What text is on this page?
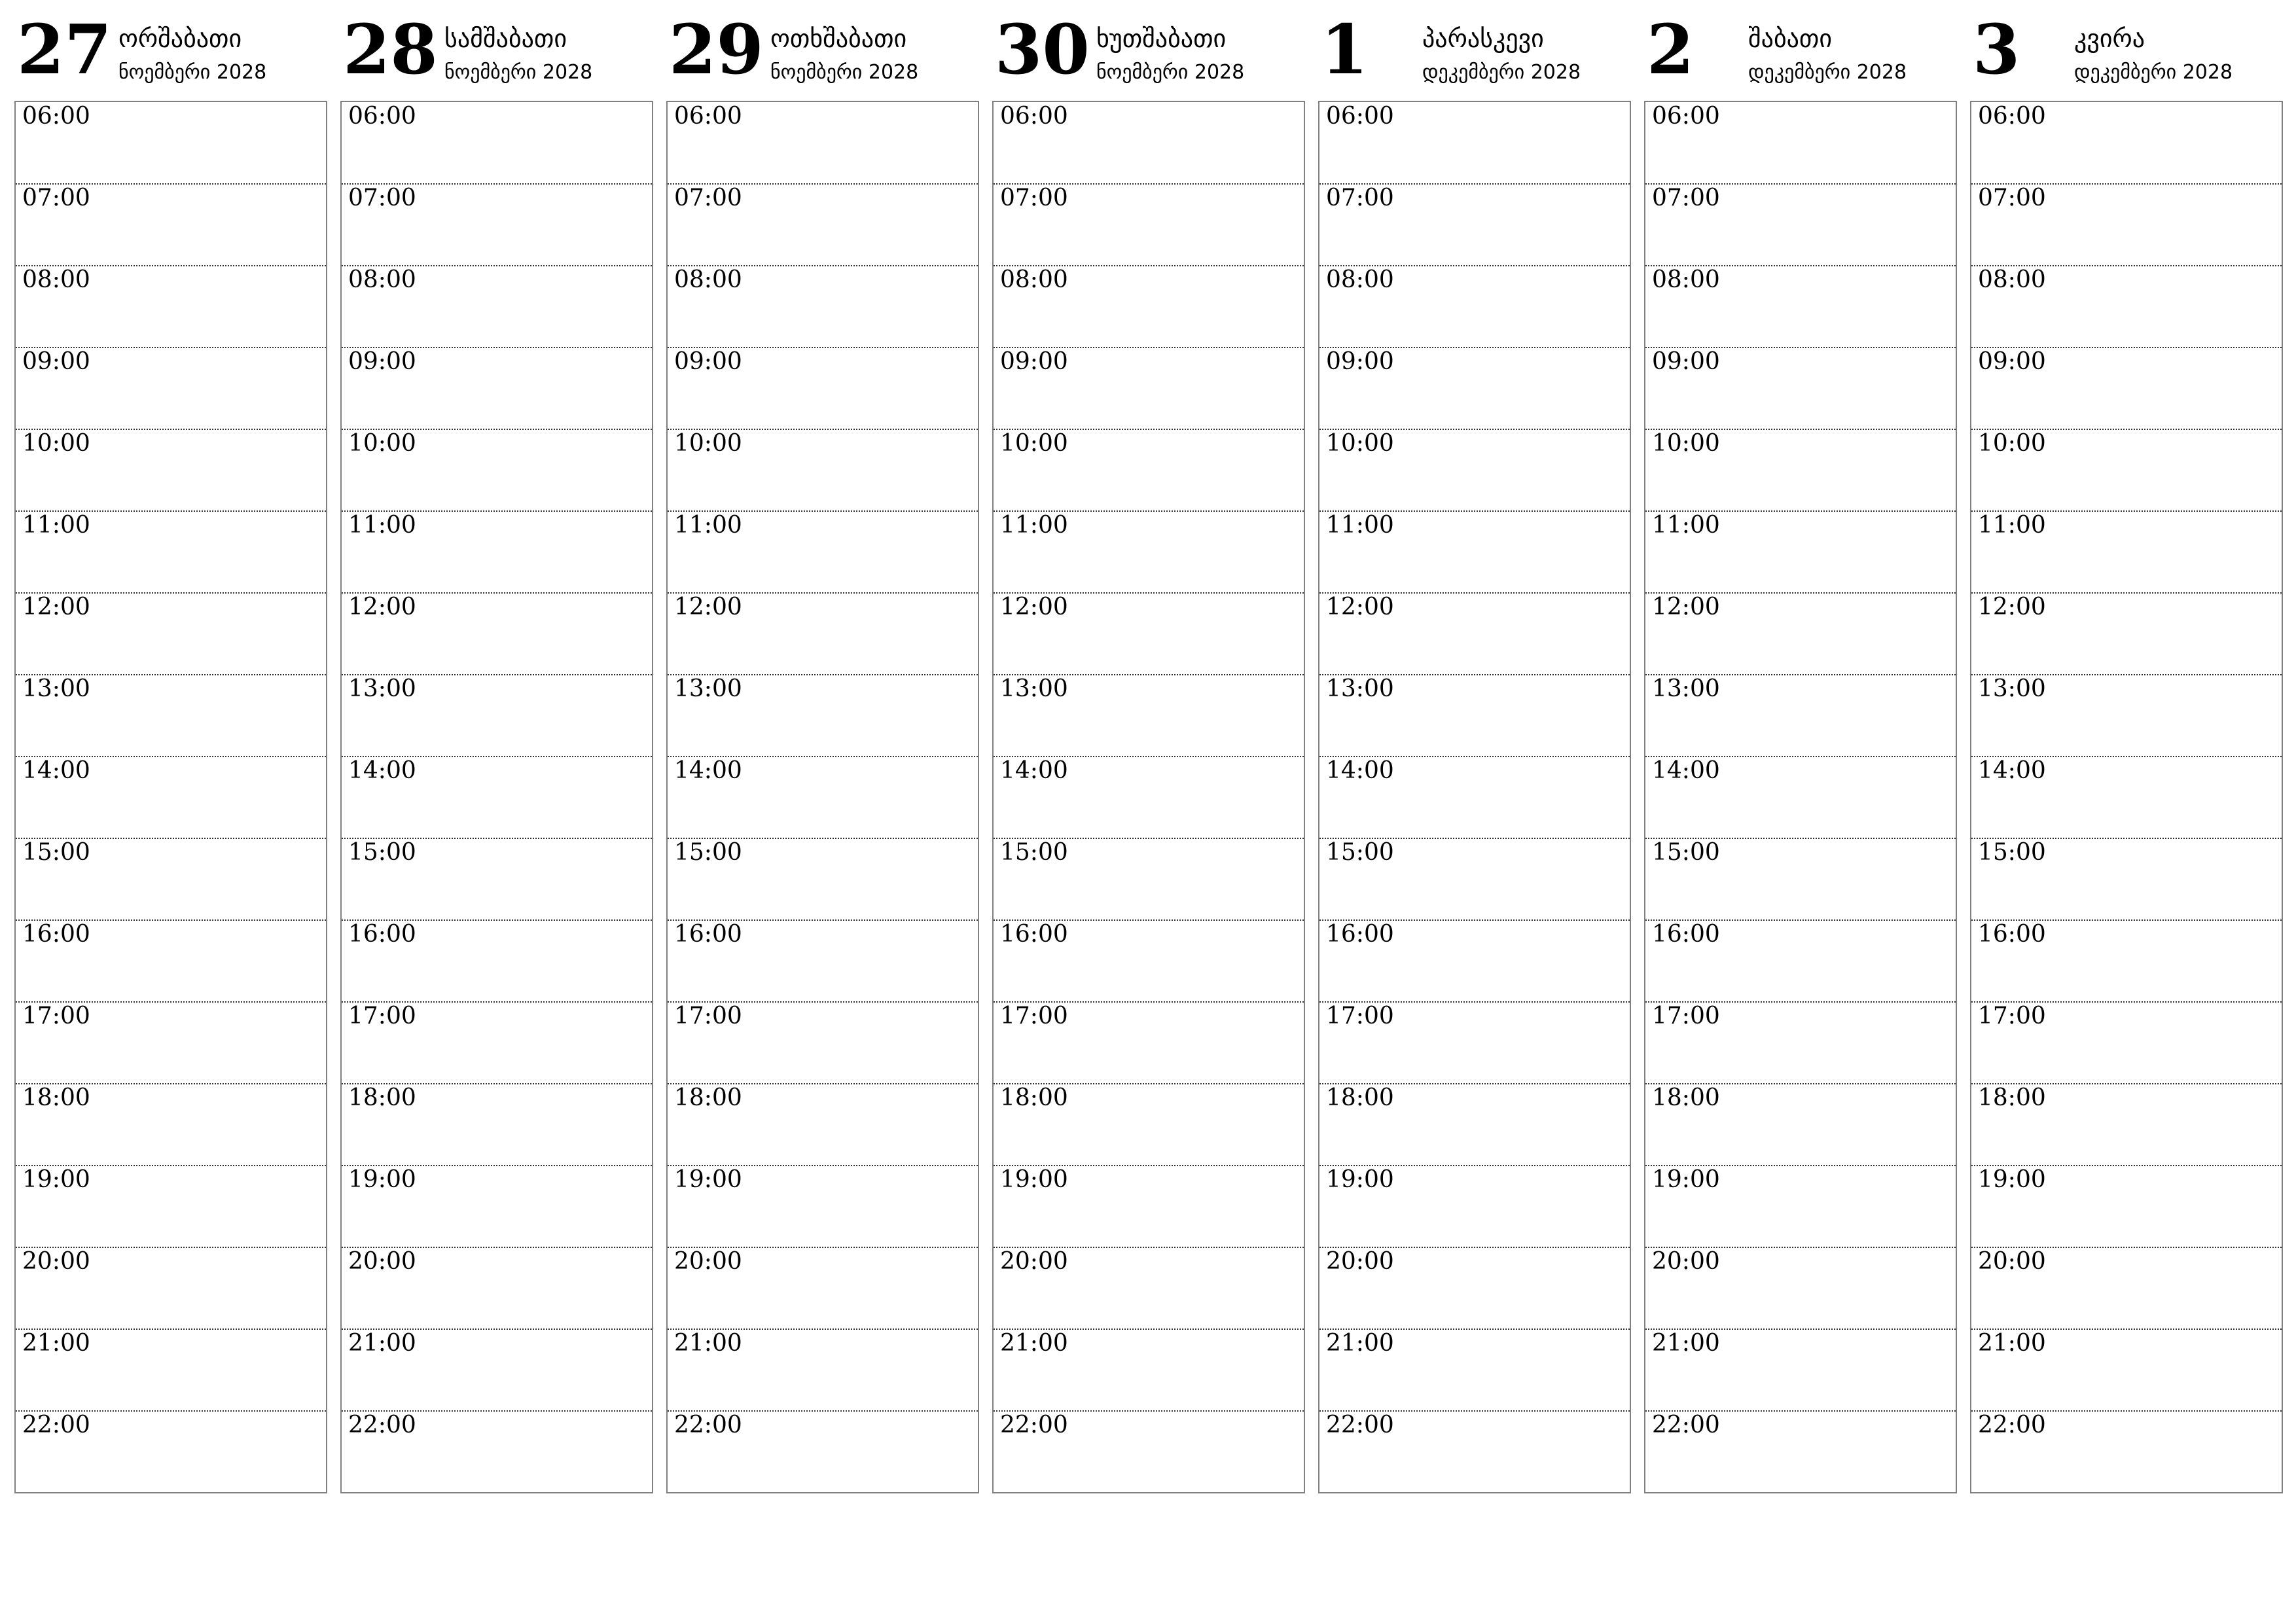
27 ორშაბათი
ნოემბერი 2028
06:00
07:00
08:00
09:00
10:00
11:00
12:00
13:00
14:00
15:00
16:00
17:00
18:00
19:00
20:00
21:00
22:00
28 სამშაბათი
ნოემბერი 2028
06:00
07:00
08:00
09:00
10:00
11:00
12:00
13:00
14:00
15:00
16:00
17:00
18:00
19:00
20:00
21:00
22:00
29 ოთხშაბათი
ნოემბერი 2028
06:00
07:00
08:00
09:00
10:00
11:00
12:00
13:00
14:00
15:00
16:00
17:00
18:00
19:00
20:00
21:00
22:00
30 ხუთშაბათი
ნოემბერი 2028
06:00
07:00
08:00
09:00
10:00
11:00
12:00
13:00
14:00
15:00
16:00
17:00
18:00
19:00
20:00
21:00
22:00
1 პარასკევი
დეკემბერი 2028
06:00
07:00
08:00
09:00
10:00
11:00
12:00
13:00
14:00
15:00
16:00
17:00
18:00
19:00
20:00
21:00
22:00
2 შაბათი
დეკემბერი 2028
06:00
07:00
08:00
09:00
10:00
11:00
12:00
13:00
14:00
15:00
16:00
17:00
18:00
19:00
20:00
21:00
22:00
3 კვირა
დეკემბერი 2028
06:00
07:00
08:00
09:00
10:00
11:00
12:00
13:00
14:00
15:00
16:00
17:00
18:00
19:00
20:00
21:00
22:00
